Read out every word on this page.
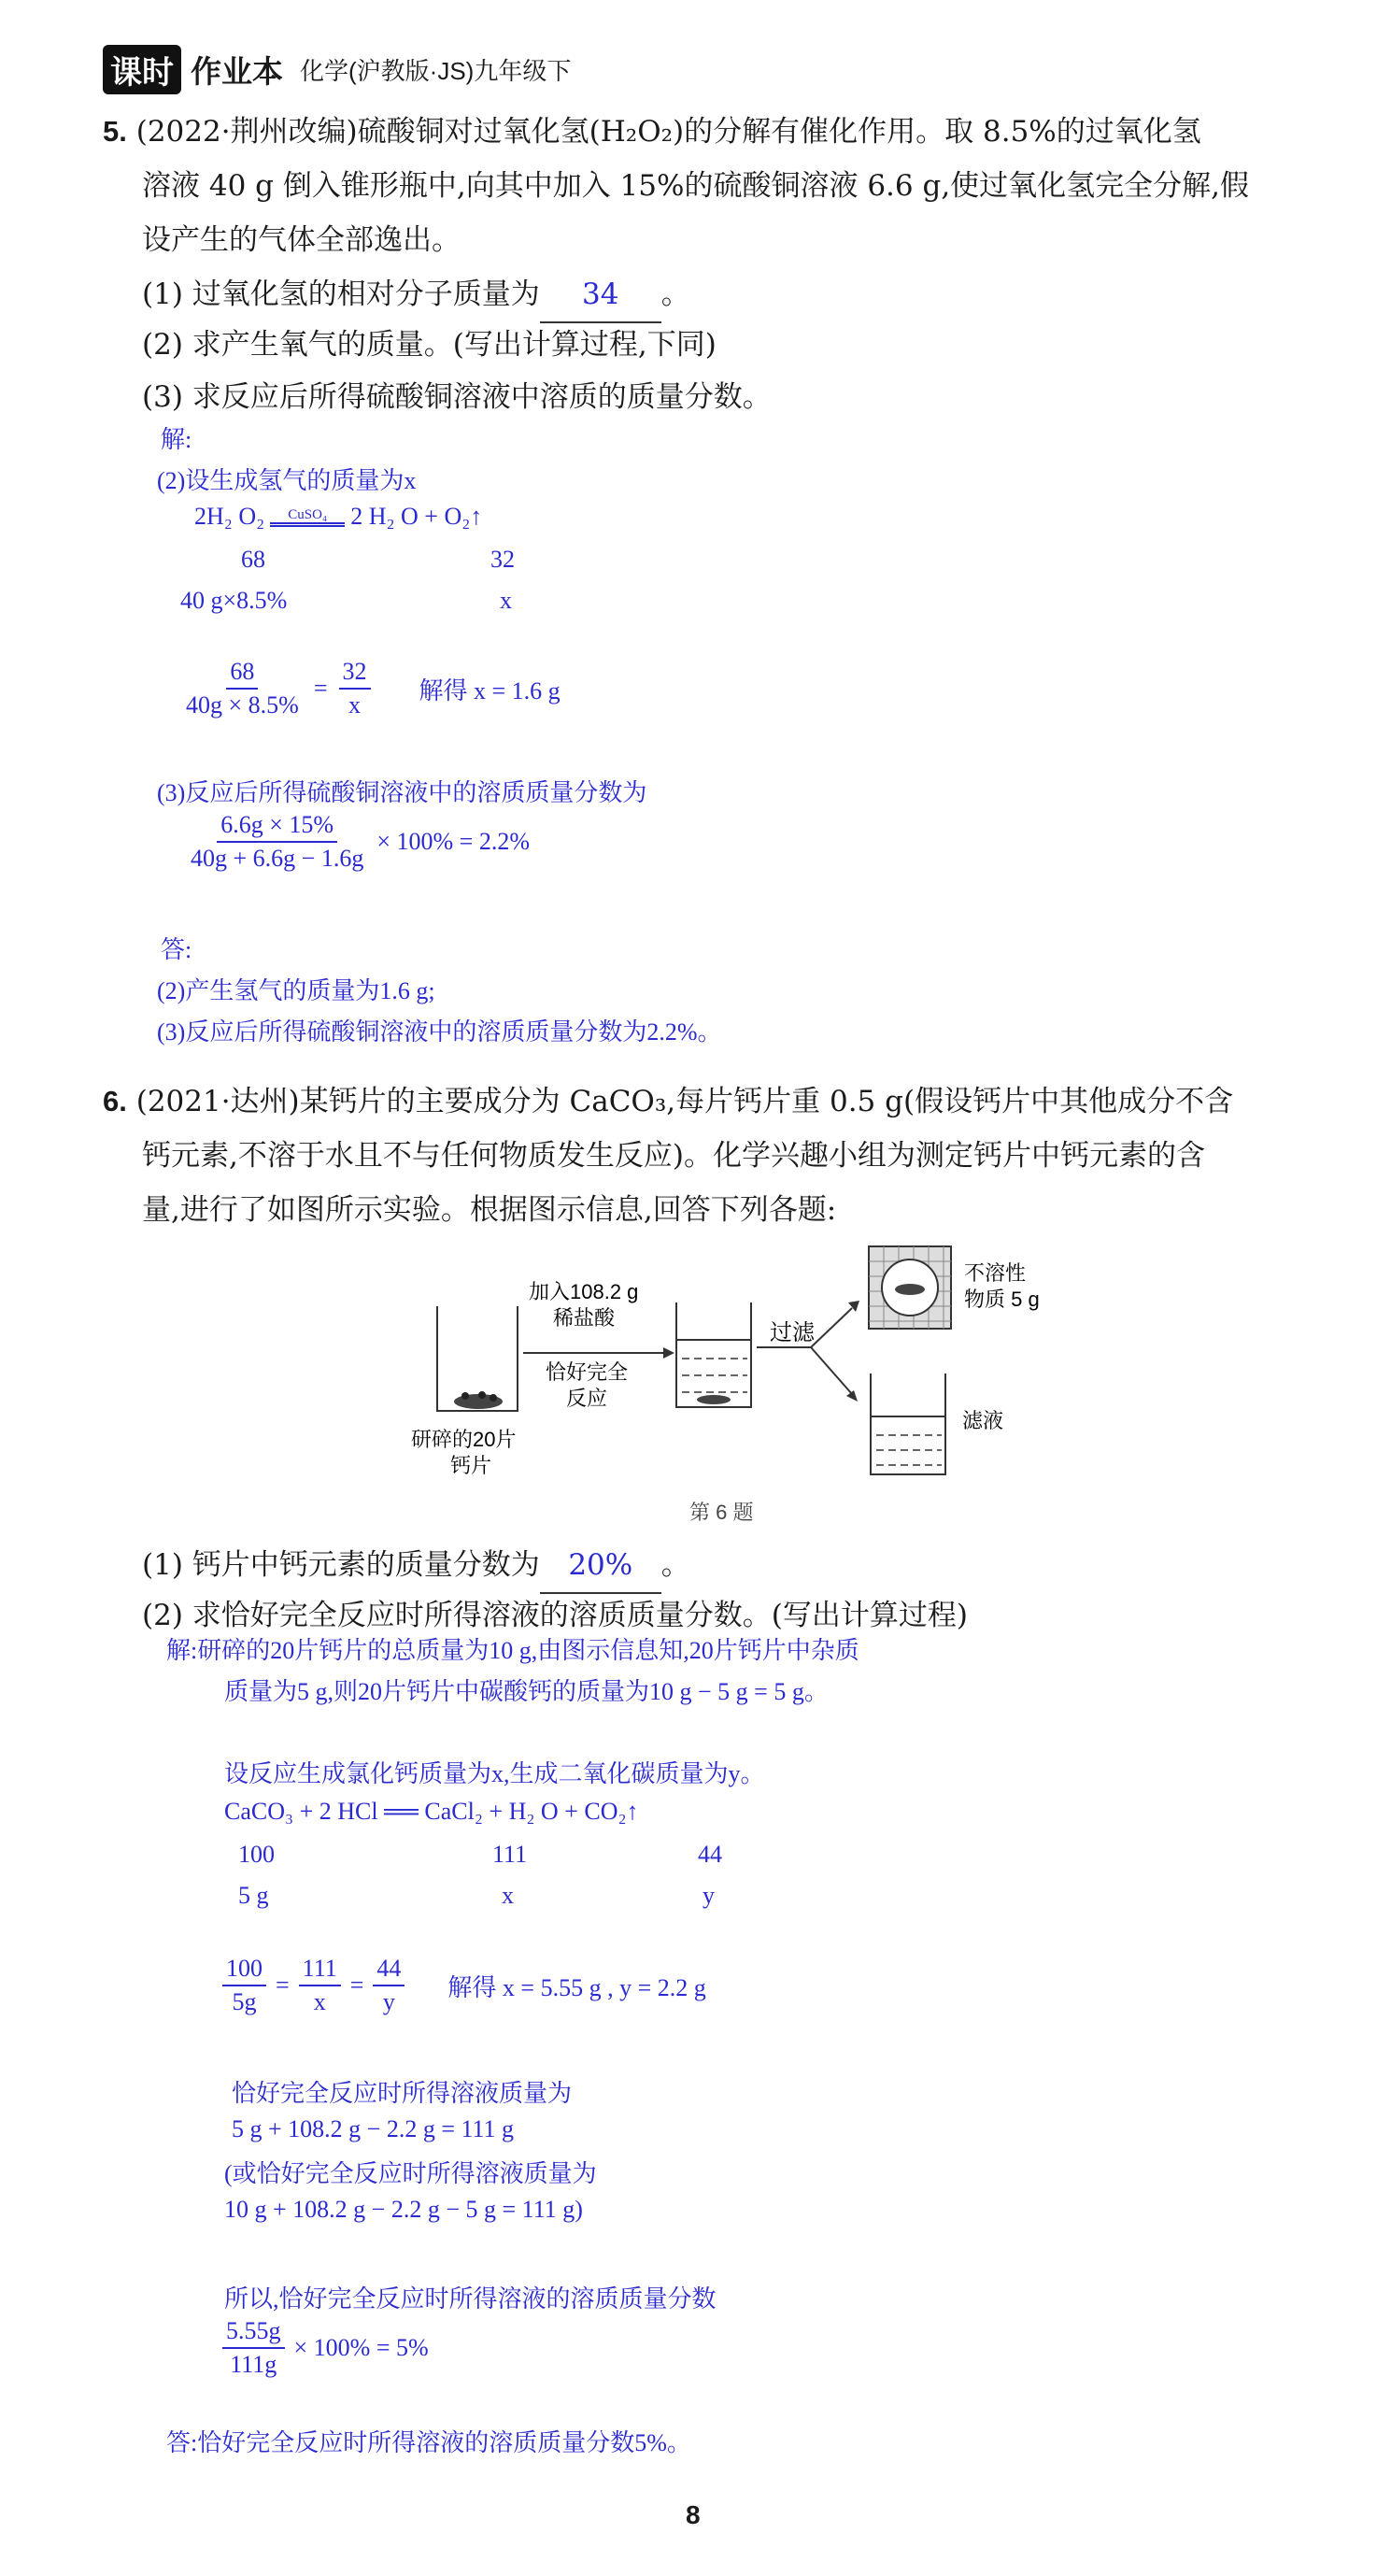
课时 作业本 化学(沪教版·JS)九年级下
5. (2022·荆州改编)硫酸铜对过氧化氢(H₂O₂)的分解有催化作用。取 8.5%的过氧化氢
溶液 40 g 倒入锥形瓶中,向其中加入 15%的硫酸铜溶液 6.6 g,使过氧化氢完全分解,假
设产生的气体全部逸出。
(1) 过氧化氢的相对分子质量为 34 。
(2) 求产生氧气的质量。(写出计算过程,下同)
(3) 求反应后所得硫酸铜溶液中溶质的质量分数。
解:
(2)设生成氢气的质量为x
2H₂ O₂ CuSO₄ 2 H₂ O + O₂↑
68	32
40 g×8.5%	x
$\frac{68}{40g \times 8.5\%} = \frac{32}{x}$ 解得 x = 1.6 g
(3)反应后所得硫酸铜溶液中的溶质质量分数为
$\frac{6.6g \times 15\%}{40g + 6.6g - 1.6g} \times 100\% = 2.2\%$
答:
(2)产生氢气的质量为1.6 g;
(3)反应后所得硫酸铜溶液中的溶质质量分数为2.2%。
6. (2021·达州)某钙片的主要成分为 CaCO₃,每片钙片重 0.5 g(假设钙片中其他成分不含
钙元素,不溶于水且不与任何物质发生反应)。化学兴趣小组为测定钙片中钙元素的含
量,进行了如图所示实验。根据图示信息,回答下列各题:
研碎的20片
钙片
加入108.2 g
稀盐酸
恰好完全
反应
过滤
不溶性
物质 5 g
滤液
第 6 题
(1) 钙片中钙元素的质量分数为 20% 。
(2) 求恰好完全反应时所得溶液的溶质质量分数。(写出计算过程)
解:研碎的20片钙片的总质量为10 g,由图示信息知,20片钙片中杂质
质量为5 g,则20片钙片中碳酸钙的质量为10 g − 5 g = 5 g。
设反应生成氯化钙质量为x,生成二氧化碳质量为y。
CaCO₃ + 2 HCl ══ CaCl₂ + H₂ O + CO₂↑
100	111	44
5 g	x	y
$\frac{100}{5g} = \frac{111}{x} = \frac{44}{y}$ 解得 x = 5.55 g , y = 2.2 g
恰好完全反应时所得溶液质量为
5 g + 108.2 g − 2.2 g = 111 g
(或恰好完全反应时所得溶液质量为
10 g + 108.2 g − 2.2 g − 5 g = 111 g)
所以,恰好完全反应时所得溶液的溶质质量分数
$\frac{5.55g}{111g} \times 100\% = 5\%$
答:恰好完全反应时所得溶液的溶质质量分数5%。
8
